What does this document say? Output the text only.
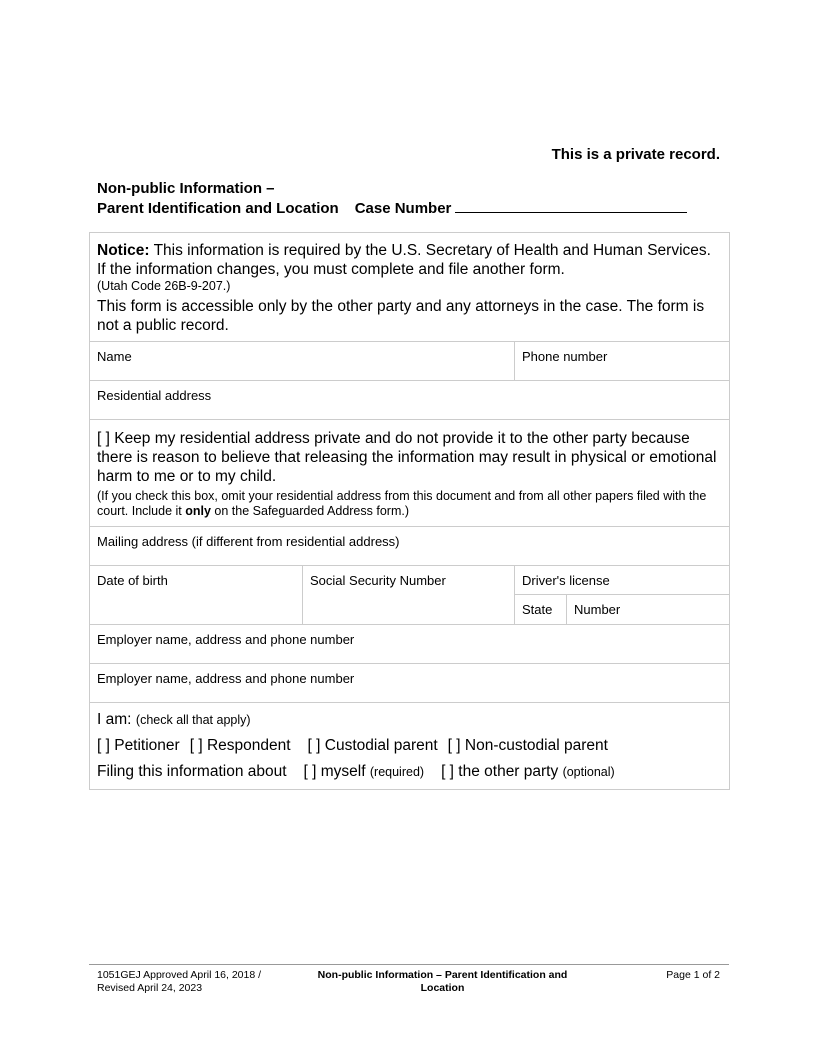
This is a private record.
Non-public Information –
Parent Identification and Location Case Number
Notice: This information is required by the U.S. Secretary of Health and Human Services. If the information changes, you must complete and file another form.
(Utah Code 26B-9-207.)
This form is accessible only by the other party and any attorneys in the case. The form is not a public record.			

Name		Phone number	
Residential address			

[ ] Keep my residential address private and do not provide it to the other party because there is reason to believe that releasing the information may result in physical or emotional harm to me or to my child.
(If you check this box, omit your residential address from this document and from all other papers filed with the court. Include it only on the Safeguarded Address form.)			

Mailing address (if different from residential address)			
Date of birth	Social Security Number	Driver's license	
		State	Number
Employer name, address and phone number			
Employer name, address and phone number			

I am: (check all that apply)
[ ] Petitioner [ ] Respondent [ ] Custodial parent [ ] Non-custodial parent
Filing this information about [ ] myself (required) [ ] the other party (optional)			
1051GEJ Approved April 16, 2018 /
Revised April 24, 2023
Non-public Information – Parent Identification and
Location
Page 1 of 2
